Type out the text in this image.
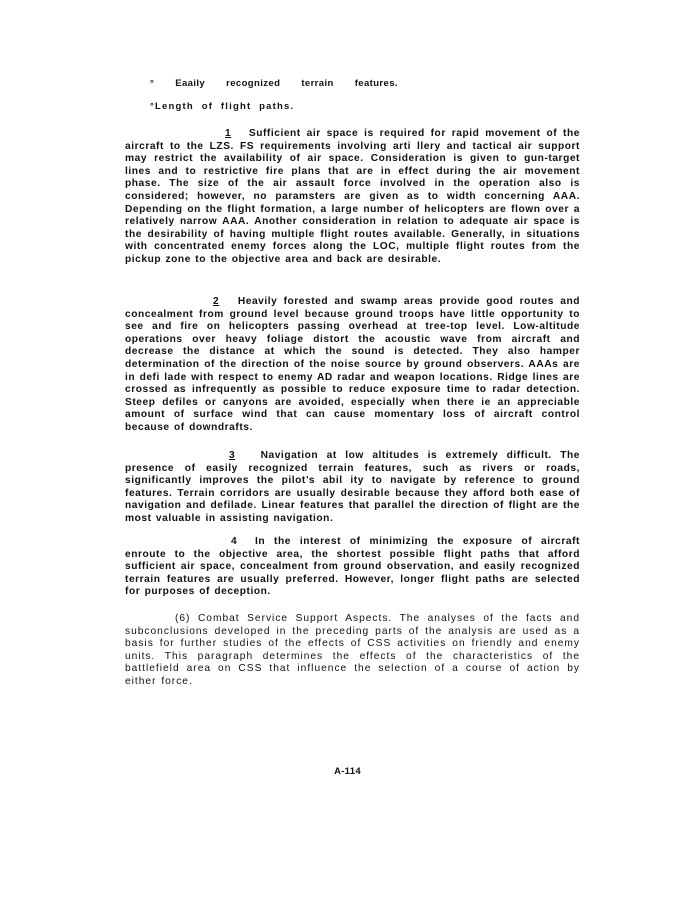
° Eaaily recognized terrain features.
°Length of flight paths.

1 Sufficient air space is required for rapid movement of the aircraft to the LZS. FS requirements involving arti llery and tactical air support may restrict the availability of air space. Consideration is given to gun-target lines and to restrictive fire plans that are in effect during the air movement phase. The size of the air assault force involved in the operation also is considered; however, no paramsters are given as to width concerning AAA. Depending on the flight formation, a large number of helicopters are flown over a relatively narrow AAA. Another consideration in relation to adequate air space is the desirability of having multiple flight routes available. Generally, in situations with concentrated enemy forces along the LOC, multiple flight routes from the pickup zone to the objective area and back are desirable.

2 Heavily forested and swamp areas provide good routes and concealment from ground level because ground troops have little opportunity to see and fire on helicopters passing overhead at tree-top level. Low-altitude operations over heavy foliage distort the acoustic wave from aircraft and decrease the distance at which the sound is detected. They also hamper determination of the direction of the noise source by ground observers. AAAs are in defi lade with respect to enemy AD radar and weapon locations. Ridge lines are crossed as infrequently as possible to reduce exposure time to radar detection. Steep defiles or canyons are avoided, especially when there ie an appreciable amount of surface wind that can cause momentary loss of aircraft control because of downdrafts.

3 Navigation at low altitudes is extremely difficult. The presence of easily recognized terrain features, such as rivers or roads, significantly improves the pilot’s abil ity to navigate by reference to ground features. Terrain corridors are usually desirable because they afford both ease of navigation and defilade. Linear features that parallel the direction of flight are the most valuable in assisting navigation.

4 In the interest of minimizing the exposure of aircraft enroute to the objective area, the shortest possible flight paths that afford sufficient air space, concealment from ground observation, and easily recognized terrain features are usually preferred. However, longer flight paths are selected for purposes of deception.

(6) Combat Service Support Aspects. The analyses of the facts and subconclusions developed in the preceding parts of the analysis are used as a basis for further studies of the effects of CSS activities on friendly and enemy units. This paragraph determines the effects of the characteristics of the battlefield area on CSS that influence the selection of a course of action by either force.

A-114
